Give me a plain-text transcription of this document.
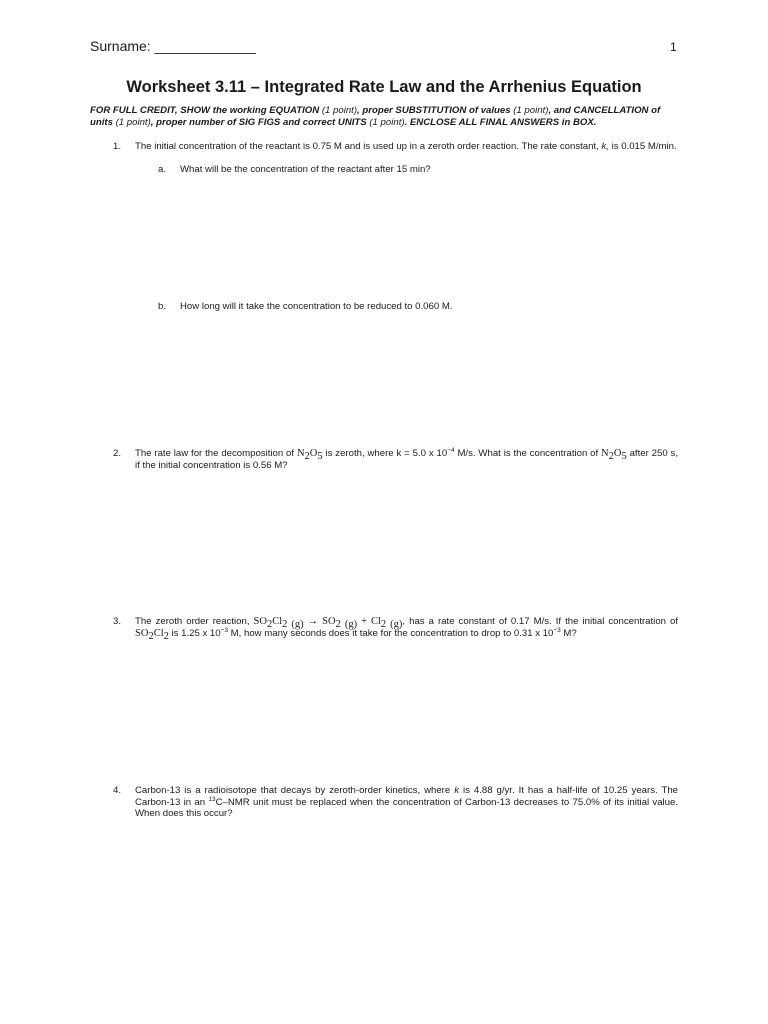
Surname: _____________	1
Worksheet 3.11 – Integrated Rate Law and the Arrhenius Equation
FOR FULL CREDIT, SHOW the working EQUATION (1 point), proper SUBSTITUTION of values (1 point), and CANCELLATION of units (1 point), proper number of SIG FIGS and correct UNITS (1 point). ENCLOSE ALL FINAL ANSWERS in BOX.
1. The initial concentration of the reactant is 0.75 M and is used up in a zeroth order reaction. The rate constant, k, is 0.015 M/min.
a. What will be the concentration of the reactant after 15 min?
b. How long will it take the concentration to be reduced to 0.060 M.
2. The rate law for the decomposition of $N_2O_5$ is zeroth, where k = 5.0 x $10^{-4}$ M/s. What is the concentration of $N_2O_5$ after 250 s, if the initial concentration is 0.56 M?
3. The zeroth order reaction, $SO_2Cl_{2 (g)} \to SO_{2 (g)} + Cl_{2 (g)}$, has a rate constant of 0.17 M/s. If the initial concentration of $SO_2Cl_2$ is 1.25 x $10^{-3}$ M, how many seconds does it take for the concentration to drop to 0.31 x $10^{-3}$ M?
4. Carbon-13 is a radioisotope that decays by zeroth-order kinetics, where k is 4.88 g/yr. It has a half-life of 10.25 years. The Carbon-13 in an $^{13}$C–NMR unit must be replaced when the concentration of Carbon-13 decreases to 75.0% of its initial value. When does this occur?
